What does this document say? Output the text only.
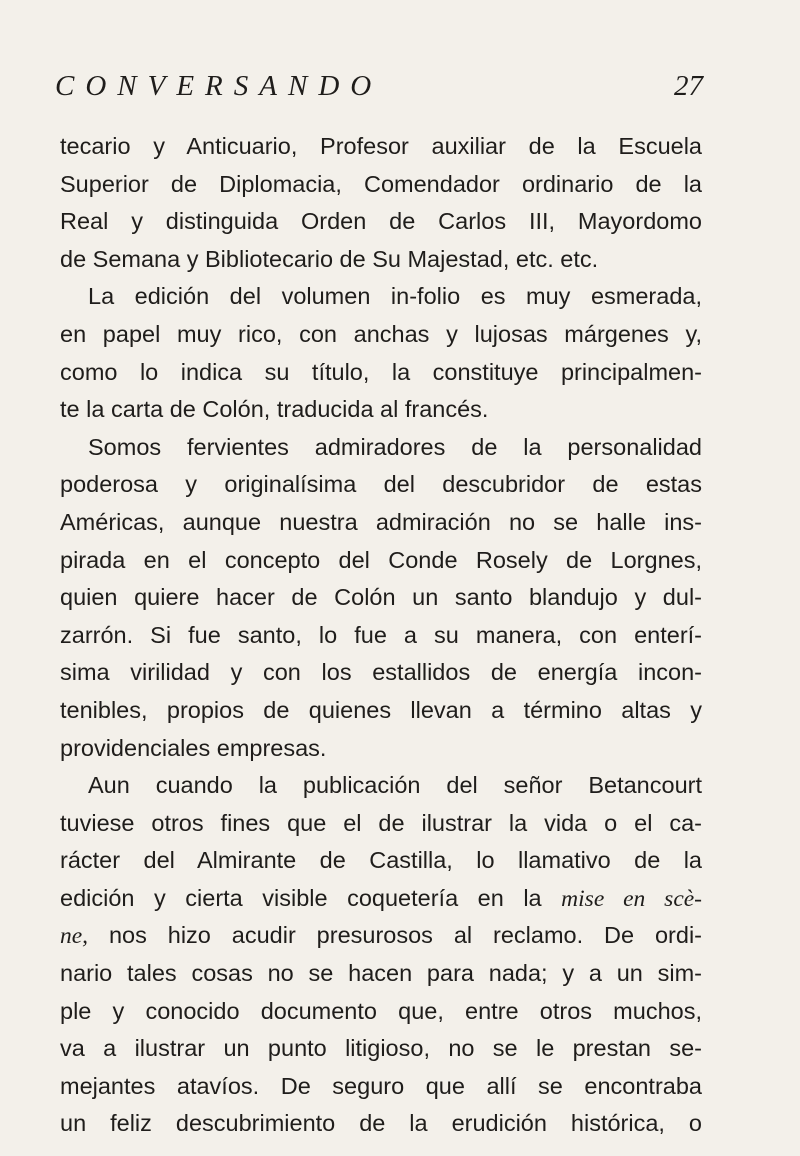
CONVERSANDO	27
tecario y Anticuario, Profesor auxiliar de la Escuela
Superior de Diplomacia, Comendador ordinario de la
Real y distinguida Orden de Carlos III, Mayordomo
de Semana y Bibliotecario de Su Majestad, etc. etc.
La edición del volumen in-folio es muy esmerada,
en papel muy rico, con anchas y lujosas márgenes y,
como lo indica su título, la constituye principalmen-
te la carta de Colón, traducida al francés.
Somos fervientes admiradores de la personalidad
poderosa y originalísima del descubridor de estas
Américas, aunque nuestra admiración no se halle ins-
pirada en el concepto del Conde Rosely de Lorgnes,
quien quiere hacer de Colón un santo blandujo y dul-
zarrón. Si fue santo, lo fue a su manera, con enterí-
sima virilidad y con los estallidos de energía incon-
tenibles, propios de quienes llevan a término altas y
providenciales empresas.
Aun cuando la publicación del señor Betancourt
tuviese otros fines que el de ilustrar la vida o el ca-
rácter del Almirante de Castilla, lo llamativo de la
edición y cierta visible coquetería en la mise en scè-
ne, nos hizo acudir presurosos al reclamo. De ordi-
nario tales cosas no se hacen para nada; y a un sim-
ple y conocido documento que, entre otros muchos,
va a ilustrar un punto litigioso, no se le prestan se-
mejantes atavíos. De seguro que allí se encontraba
un feliz descubrimiento de la erudición histórica, o
